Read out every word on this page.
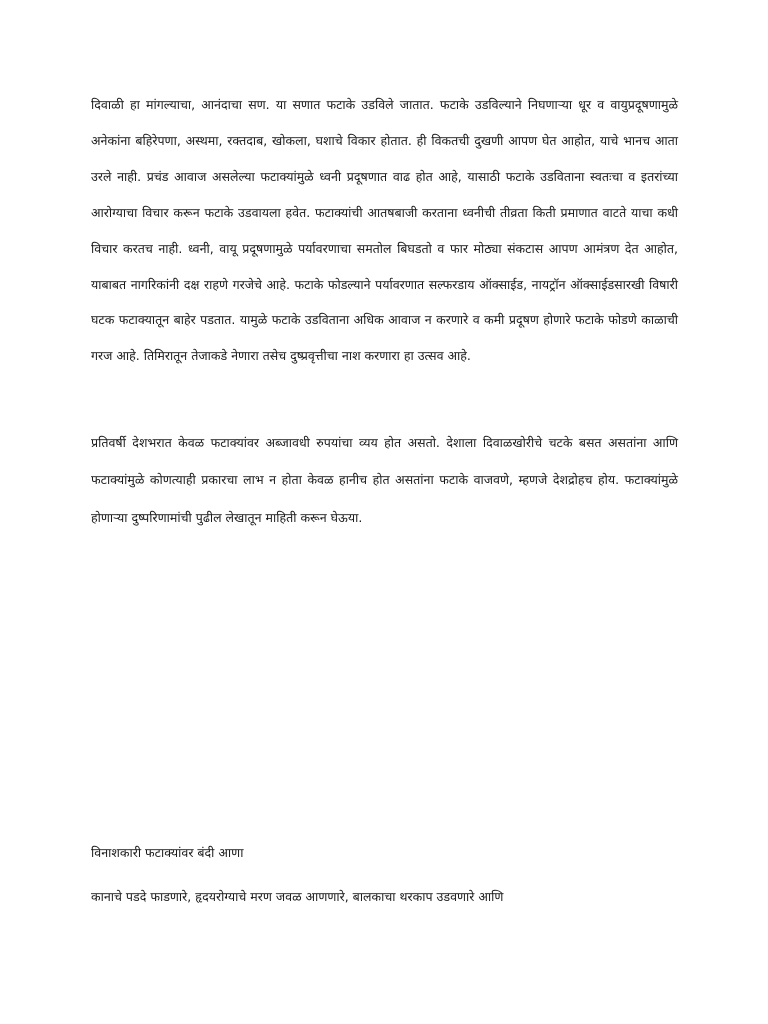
दिवाळी हा मांगल्याचा, आनंदाचा सण. या सणात फटाके उडविले जातात. फटाके उडविल्याने निघणाऱ्या धूर व वायुप्रदूषणामुळे अनेकांना बहिरेपणा, अस्थमा, रक्तदाब, खोकला, घशाचे विकार होतात. ही विकतची दुखणी आपण घेत आहोत, याचे भानच आता उरले नाही. प्रचंड आवाज असलेल्या फटाक्यांमुळे ध्वनी प्रदूषणात वाढ होत आहे, यासाठी फटाके उडविताना स्वतःचा व इतरांच्या आरोग्याचा विचार करून फटाके उडवायला हवेत. फटाक्यांची आतषबाजी करताना ध्वनीची तीव्रता किती प्रमाणात वाटते याचा कधी विचार करतच नाही. ध्वनी, वायू प्रदूषणामुळे पर्यावरणाचा समतोल बिघडतो व फार मोठ्या संकटास आपण आमंत्रण देत आहोत, याबाबत नागरिकांनी दक्ष राहणे गरजेचे आहे. फटाके फोडल्याने पर्यावरणात सल्फरडाय ऑक्साईड, नायट्रॉन ऑक्साईडसारखी विषारी घटक फटाक्यातून बाहेर पडतात. यामुळे फटाके उडविताना अधिक आवाज न करणारे व कमी प्रदूषण होणारे फटाके फोडणे काळाची गरज आहे. तिमिरातून तेजाकडे नेणारा तसेच दुष्प्रवृत्तीचा नाश करणारा हा उत्सव आहे.

प्रतिवर्षी देशभरात केवळ फटाक्यांवर अब्जावधी रुपयांचा व्यय होत असतो. देशाला दिवाळखोरीचे चटके बसत असतांना आणि फटाक्यांमुळे कोणत्याही प्रकारचा लाभ न होता केवळ हानीच होत असतांना फटाके वाजवणे, म्हणजे देशद्रोहच होय. फटाक्यांमुळे होणाऱ्या दुष्परिणामांची पुढील लेखातून माहिती करून घेऊया.

विनाशकारी फटाक्यांवर बंदी आणा

कानाचे पडदे फाडणारे, हृदयरोग्याचे मरण जवळ आणणारे, बालकाचा थरकाप उडवणारे आणि
